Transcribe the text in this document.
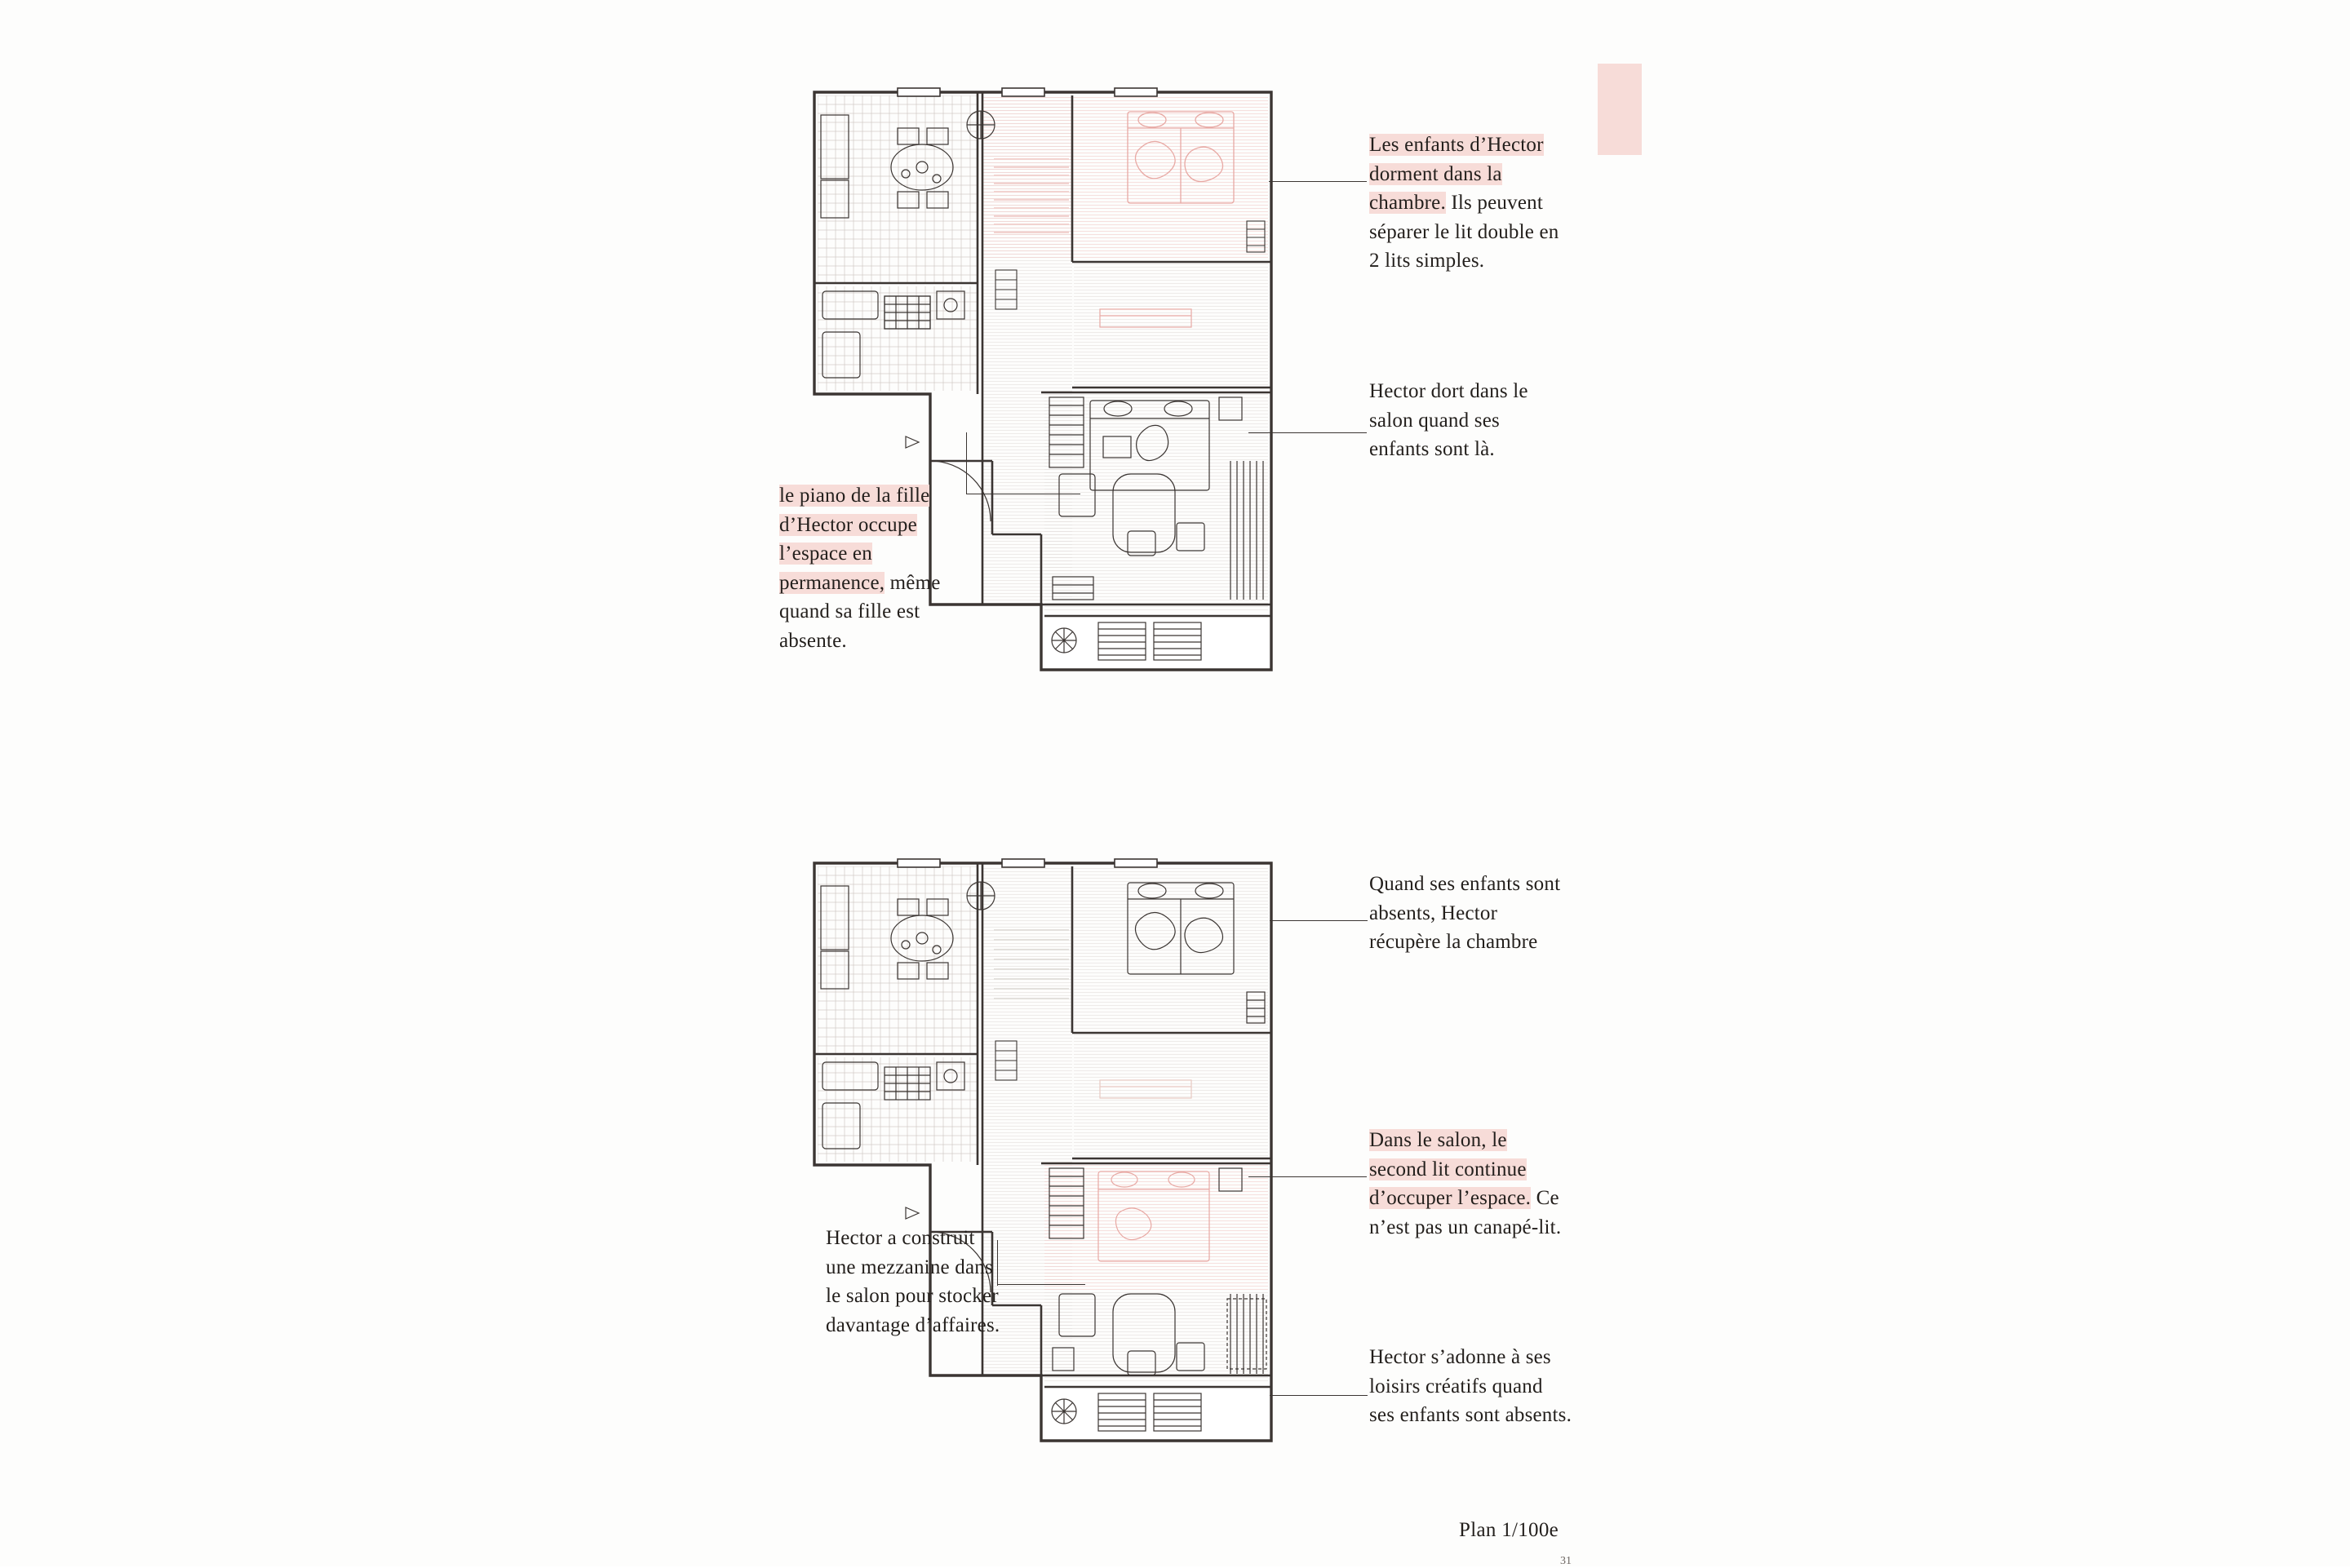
Les enfants d’Hector dorment dans la chambre. Ils peuvent séparer le lit double en 2 lits simples.
Hector dort dans le salon quand ses enfants sont là.
le piano de la fille d’Hector occupe l’espace en permanence, même quand sa fille est absente.
Quand ses enfants sont absents, Hector récupère la chambre
Dans le salon, le second lit continue d’occuper l’espace. Ce n’est pas un canapé-lit.
Hector a construit une mezzanine dans le salon pour stocker davantage d’affaires.
Hector s’adonne à ses loisirs créatifs quand ses enfants sont absents.
Plan 1/100e
31
